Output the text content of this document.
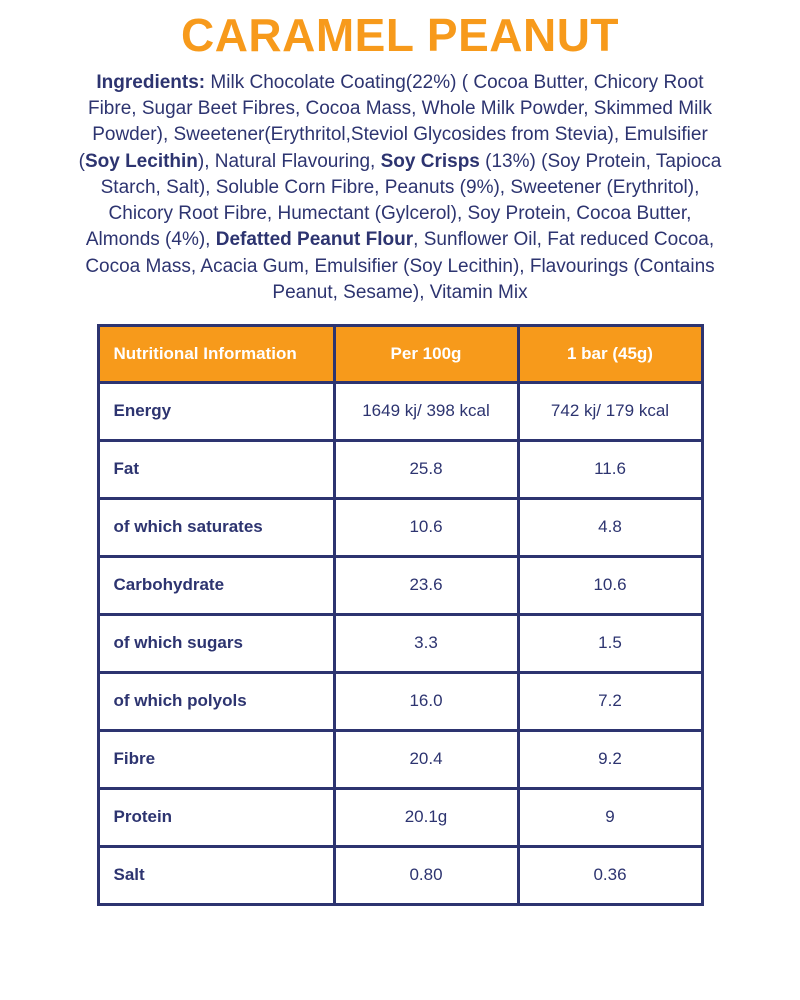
CARAMEL PEANUT

Ingredients: Milk Chocolate Coating(22%) ( Cocoa Butter, Chicory Root Fibre, Sugar Beet Fibres, Cocoa Mass, Whole Milk Powder, Skimmed Milk Powder), Sweetener(Erythritol,Steviol Glycosides from Stevia), Emulsifier (Soy Lecithin), Natural Flavouring, Soy Crisps (13%) (Soy Protein, Tapioca Starch, Salt), Soluble Corn Fibre, Peanuts (9%), Sweetener (Erythritol), Chicory Root Fibre, Humectant (Gylcerol), Soy Protein, Cocoa Butter, Almonds (4%), Defatted Peanut Flour, Sunflower Oil, Fat reduced Cocoa, Cocoa Mass, Acacia Gum, Emulsifier (Soy Lecithin), Flavourings (Contains Peanut, Sesame), Vitamin Mix

Nutritional Information	Per 100g	1 bar (45g)
Energy	1649 kj/ 398 kcal	742 kj/ 179 kcal
Fat	25.8	11.6
of which saturates	10.6	4.8
Carbohydrate	23.6	10.6
of which sugars	3.3	1.5
of which polyols	16.0	7.2
Fibre	20.4	9.2
Protein	20.1g	9
Salt	0.80	0.36
